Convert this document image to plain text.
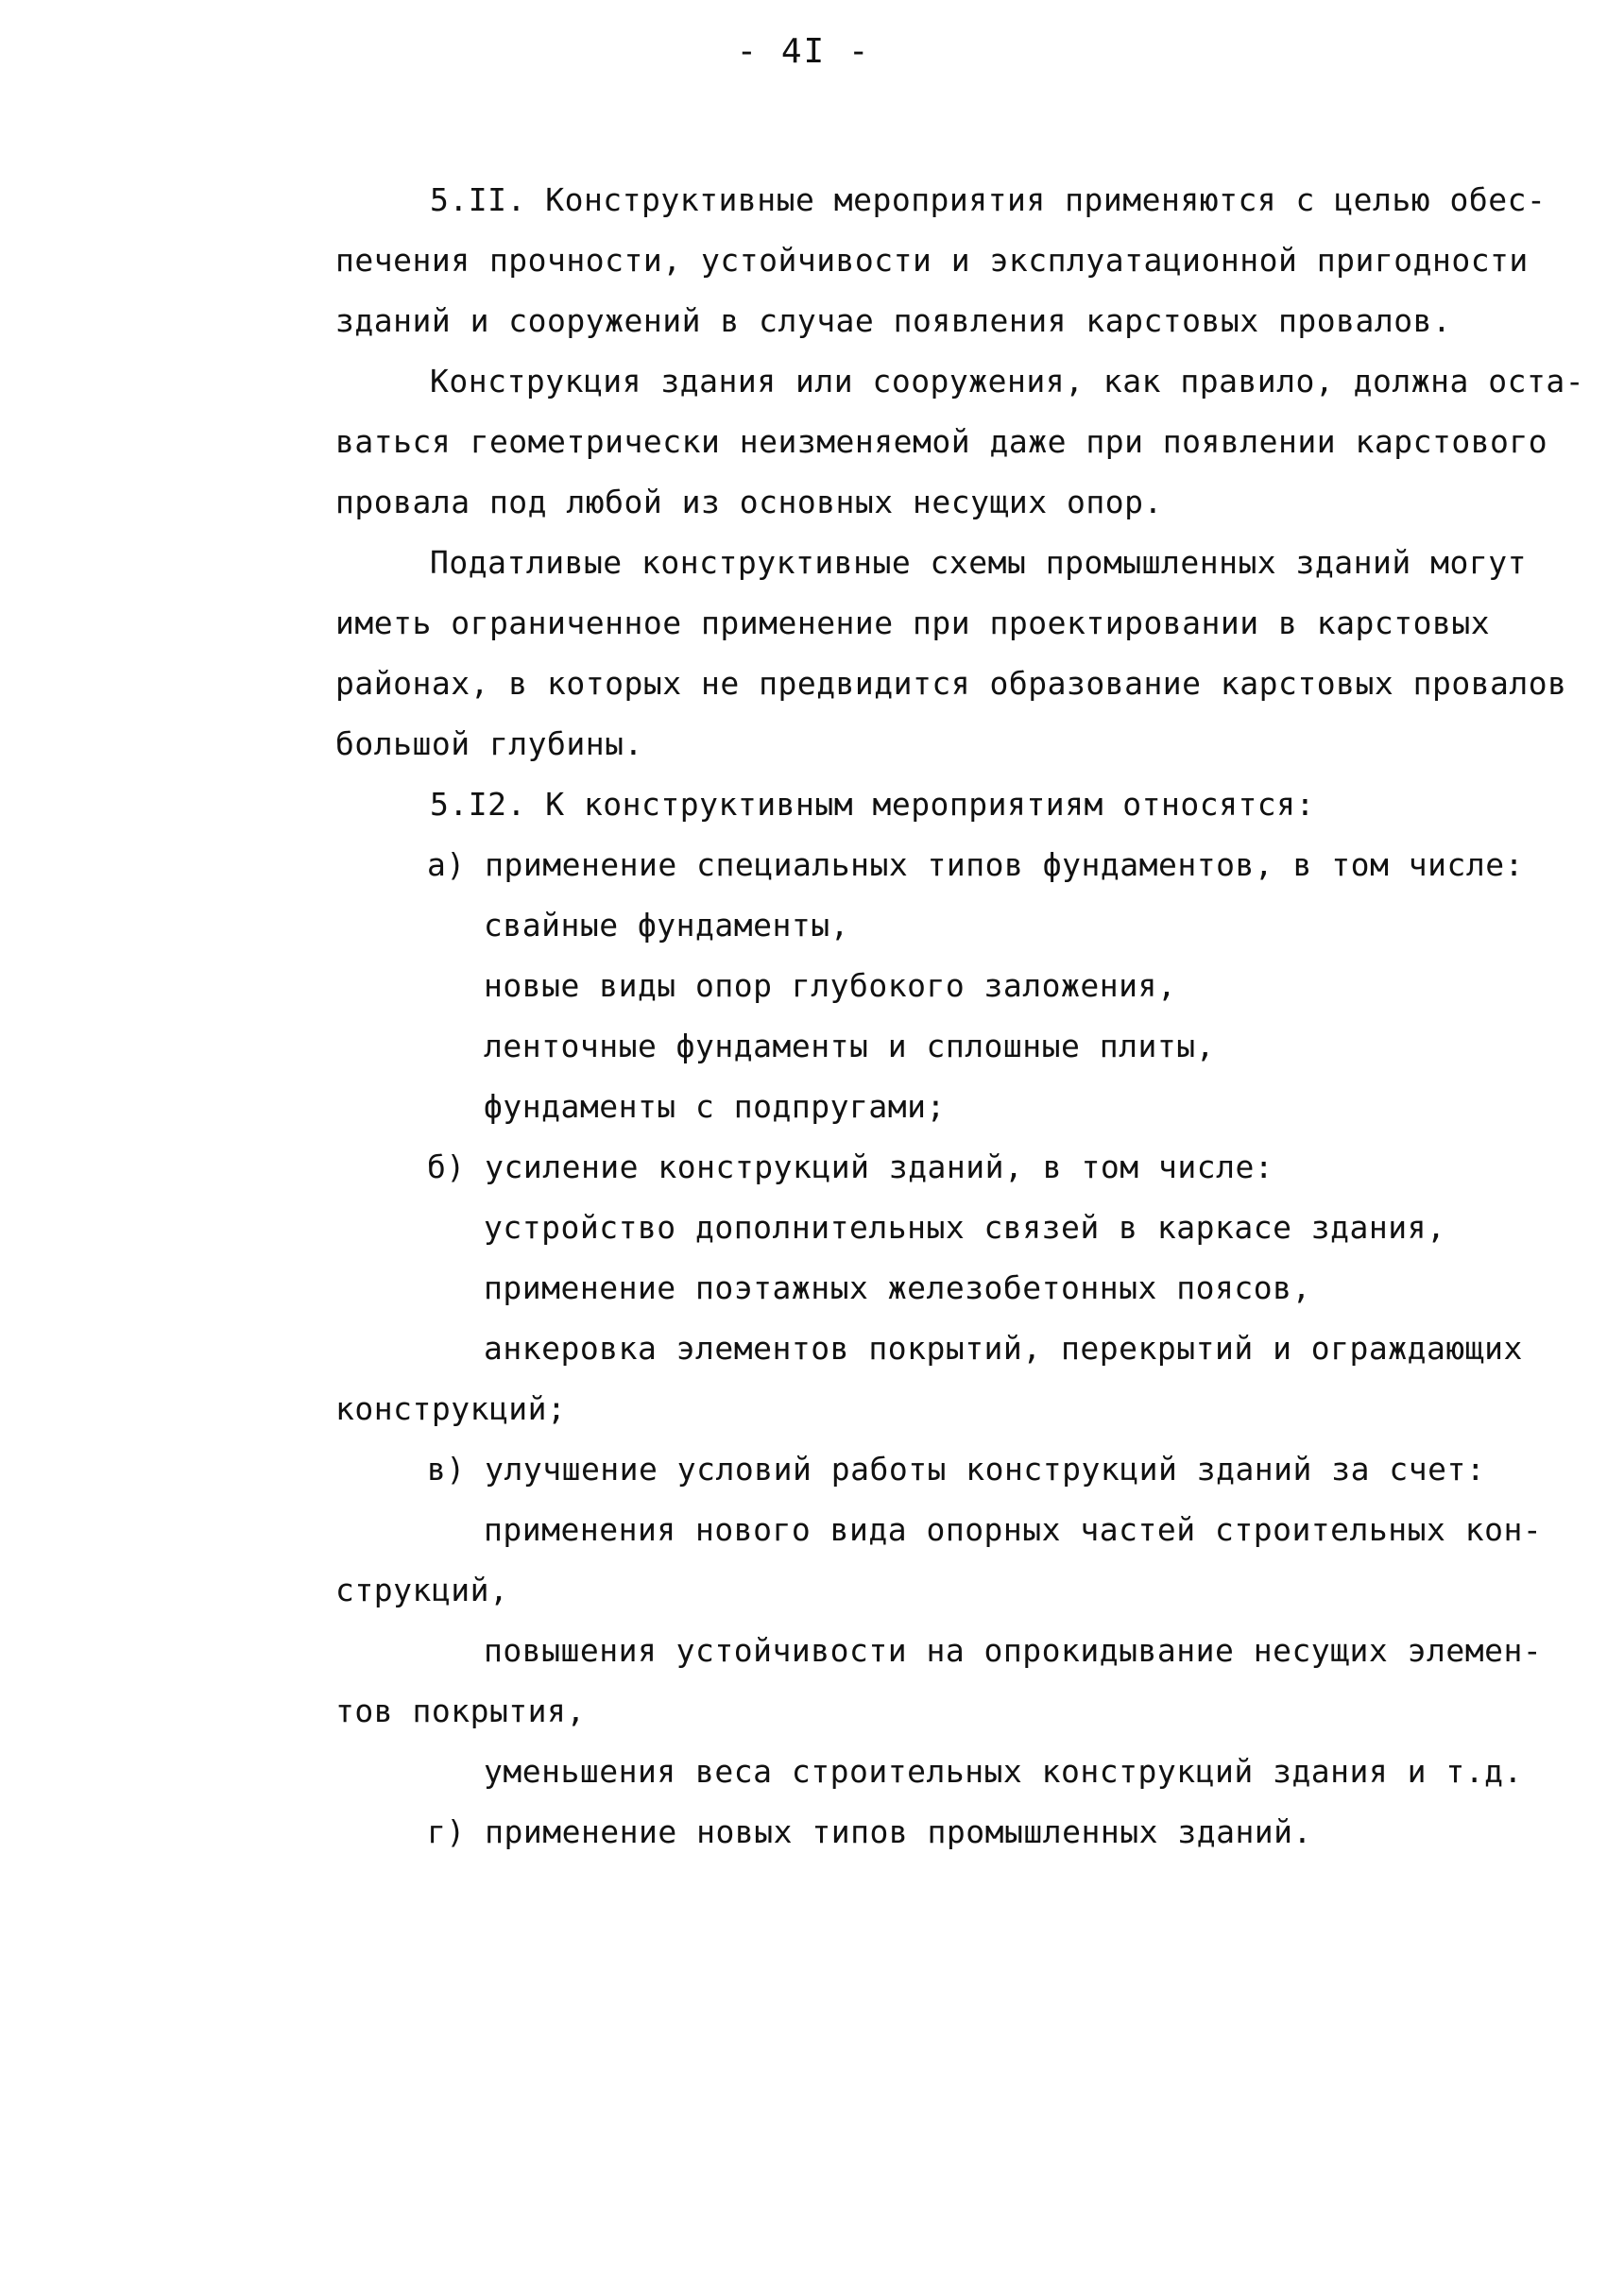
- 4I -
5.II. Конструктивные мероприятия применяются с целью обес-
печения прочности, устойчивости и эксплуатационной пригодности
зданий и сооружений в случае появления карстовых провалов.
Конструкция здания или сооружения, как правило, должна оста-
ваться геометрически неизменяемой даже при появлении карстового
провала под любой из основных несущих опор.
Податливые конструктивные схемы промышленных зданий могут
иметь ограниченное применение при проектировании в карстовых
районах, в которых не предвидится образование карстовых провалов
большой глубины.
5.I2. К конструктивным мероприятиям относятся:
а) применение специальных типов фундаментов, в том числе:
свайные фундаменты,
новые виды опор глубокого заложения,
ленточные фундаменты и сплошные плиты,
фундаменты с подпругами;
б) усиление конструкций зданий, в том числе:
устройство дополнительных связей в каркасе здания,
применение поэтажных железобетонных поясов,
анкеровка элементов покрытий, перекрытий и ограждающих
конструкций;
в) улучшение условий работы конструкций зданий за счет:
применения нового вида опорных частей строительных кон-
струкций,
повышения устойчивости на опрокидывание несущих элемен-
тов покрытия,
уменьшения веса строительных конструкций здания и т.д.
г) применение новых типов промышленных зданий.
